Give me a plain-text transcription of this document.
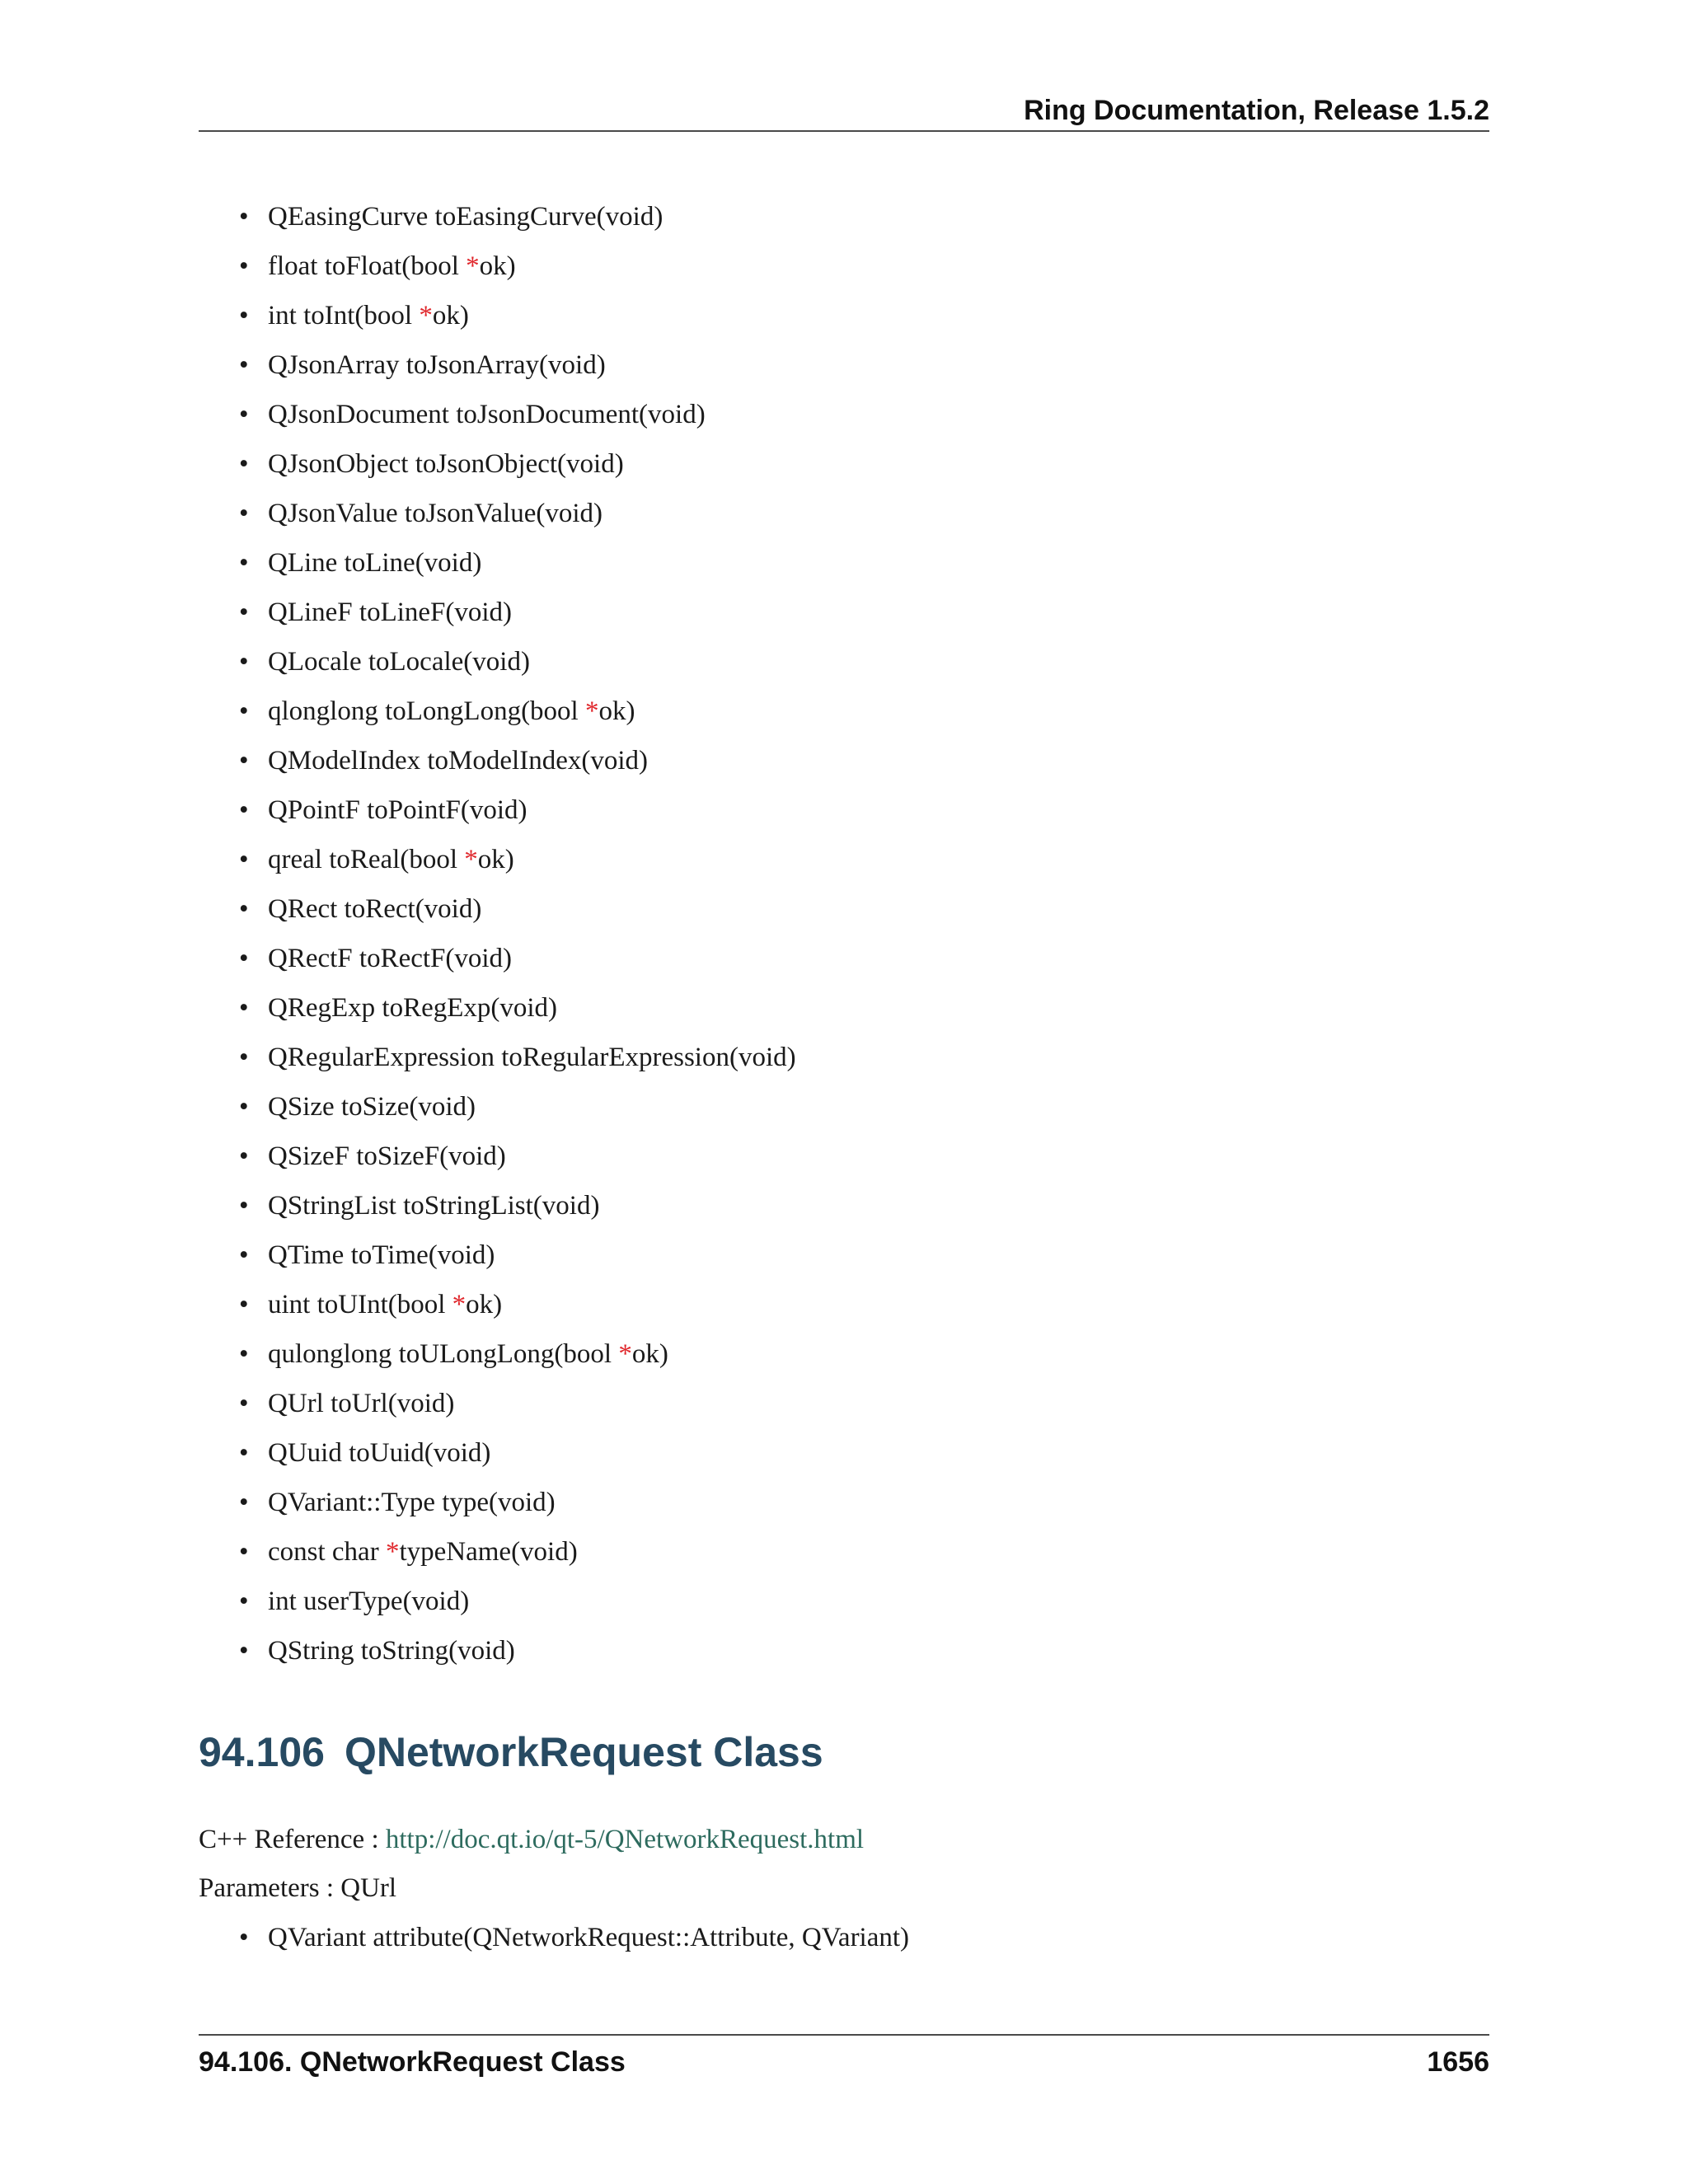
Ring Documentation, Release 1.5.2
• QEasingCurve toEasingCurve(void)
• float toFloat(bool *ok)
• int toInt(bool *ok)
• QJsonArray toJsonArray(void)
• QJsonDocument toJsonDocument(void)
• QJsonObject toJsonObject(void)
• QJsonValue toJsonValue(void)
• QLine toLine(void)
• QLineF toLineF(void)
• QLocale toLocale(void)
• qlonglong toLongLong(bool *ok)
• QModelIndex toModelIndex(void)
• QPointF toPointF(void)
• qreal toReal(bool *ok)
• QRect toRect(void)
• QRectF toRectF(void)
• QRegExp toRegExp(void)
• QRegularExpression toRegularExpression(void)
• QSize toSize(void)
• QSizeF toSizeF(void)
• QStringList toStringList(void)
• QTime toTime(void)
• uint toUInt(bool *ok)
• qulonglong toULongLong(bool *ok)
• QUrl toUrl(void)
• QUuid toUuid(void)
• QVariant::Type type(void)
• const char *typeName(void)
• int userType(void)
• QString toString(void)
94.106 QNetworkRequest Class
C++ Reference : http://doc.qt.io/qt-5/QNetworkRequest.html
Parameters : QUrl
• QVariant attribute(QNetworkRequest::Attribute, QVariant)
94.106. QNetworkRequest Class	1656
